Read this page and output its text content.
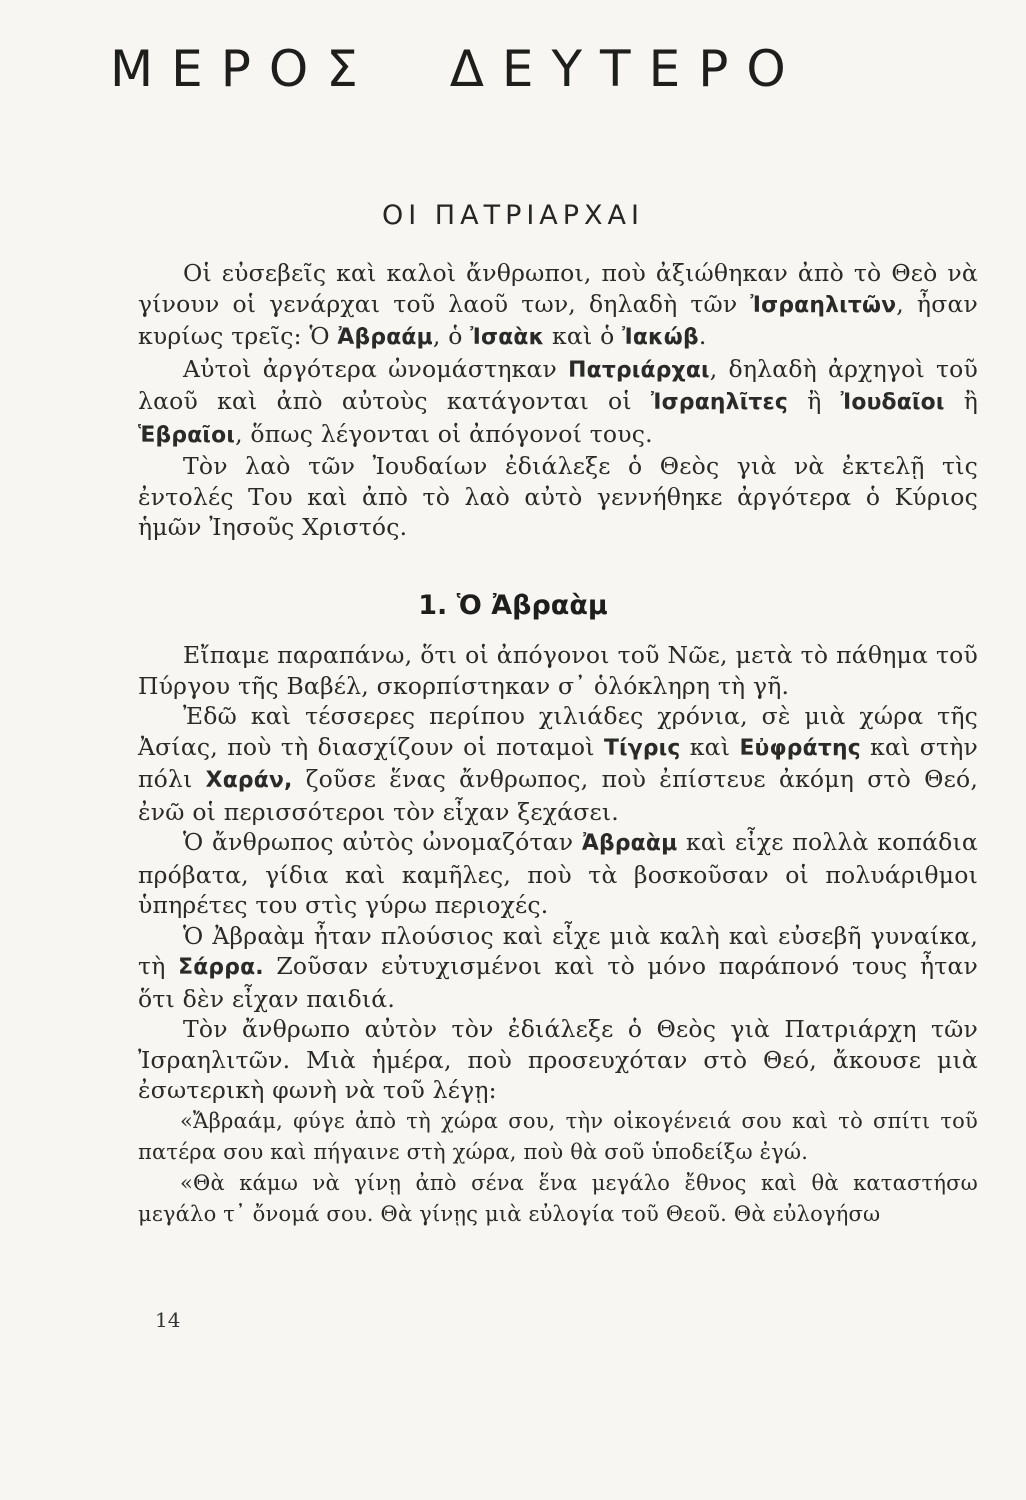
ΜΕΡΟΣ ΔΕΥΤΕΡΟ
ΟΙ ΠΑΤΡΙΑΡΧΑΙ

Οἱ εὐσεβεῖς καὶ καλοὶ ἄνθρωποι, ποὺ ἀξιώθηκαν ἀπὸ τὸ Θεὸ νὰ γίνουν οἱ γενάρχαι τοῦ λαοῦ των, δηλαδὴ τῶν Ἰσραηλιτῶν, ἦσαν κυρίως τρεῖς: Ὁ Ἀβραάμ, ὁ Ἰσαὰκ καὶ ὁ Ἰακώβ.

Αὐτοὶ ἀργότερα ὠνομάστηκαν Πατριάρχαι, δηλαδὴ ἀρχηγοὶ τοῦ λαοῦ καὶ ἀπὸ αὐτοὺς κατάγονται οἱ Ἰσραηλῖτες ἢ Ἰουδαῖοι ἢ Ἑβραῖοι, ὅπως λέγονται οἱ ἀπόγονοί τους.

Τὸν λαὸ τῶν Ἰουδαίων ἐδιάλεξε ὁ Θεὸς γιὰ νὰ ἐκτελῇ τὶς ἐντολές Του καὶ ἀπὸ τὸ λαὸ αὐτὸ γεννήθηκε ἀργότερα ὁ Κύριος ἡμῶν Ἰησοῦς Χριστός.

1. Ὁ Ἀβραὰμ

Εἴπαμε παραπάνω, ὅτι οἱ ἀπόγονοι τοῦ Νῶε, μετὰ τὸ πάθημα τοῦ Πύργου τῆς Βαβέλ, σκορπίστηκαν σ᾽ ὁλόκληρη τὴ γῆ.

Ἐδῶ καὶ τέσσερες περίπου χιλιάδες χρόνια, σὲ μιὰ χώρα τῆς Ἀσίας, ποὺ τὴ διασχίζουν οἱ ποταμοὶ Τίγρις καὶ Εὐφράτης καὶ στὴν πόλι Χαράν, ζοῦσε ἕνας ἄνθρωπος, ποὺ ἐπίστευε ἀκόμη στὸ Θεό, ἐνῶ οἱ περισσότεροι τὸν εἶχαν ξεχάσει.

Ὁ ἄνθρωπος αὐτὸς ὠνομαζόταν Ἀβραὰμ καὶ εἶχε πολλὰ κοπάδια πρόβατα, γίδια καὶ καμῆλες, ποὺ τὰ βοσκοῦσαν οἱ πολυάριθμοι ὑπηρέτες του στὶς γύρω περιοχές.

Ὁ Ἀβραὰμ ἦταν πλούσιος καὶ εἶχε μιὰ καλὴ καὶ εὐσεβῆ γυναίκα, τὴ Σάρρα. Ζοῦσαν εὐτυχισμένοι καὶ τὸ μόνο παράπονό τους ἦταν ὅτι δὲν εἶχαν παιδιά.

Τὸν ἄνθρωπο αὐτὸν τὸν ἐδιάλεξε ὁ Θεὸς γιὰ Πατριάρχη τῶν Ἰσραηλιτῶν. Μιὰ ἡμέρα, ποὺ προσευχόταν στὸ Θεό, ἄκουσε μιὰ ἐσωτερικὴ φωνὴ νὰ τοῦ λέγῃ:

«Ἄβραάμ, φύγε ἀπὸ τὴ χώρα σου, τὴν οἰκογένειά σου καὶ τὸ σπίτι τοῦ πατέρα σου καὶ πήγαινε στὴ χώρα, ποὺ θὰ σοῦ ὑποδείξω ἐγώ.

«Θὰ κάμω νὰ γίνῃ ἀπὸ σένα ἕνα μεγάλο ἔθνος καὶ θὰ καταστήσω μεγάλο τ᾽ ὄνομά σου. Θὰ γίνῃς μιὰ εὐλογία τοῦ Θεοῦ. Θὰ εὐλογήσω

14
